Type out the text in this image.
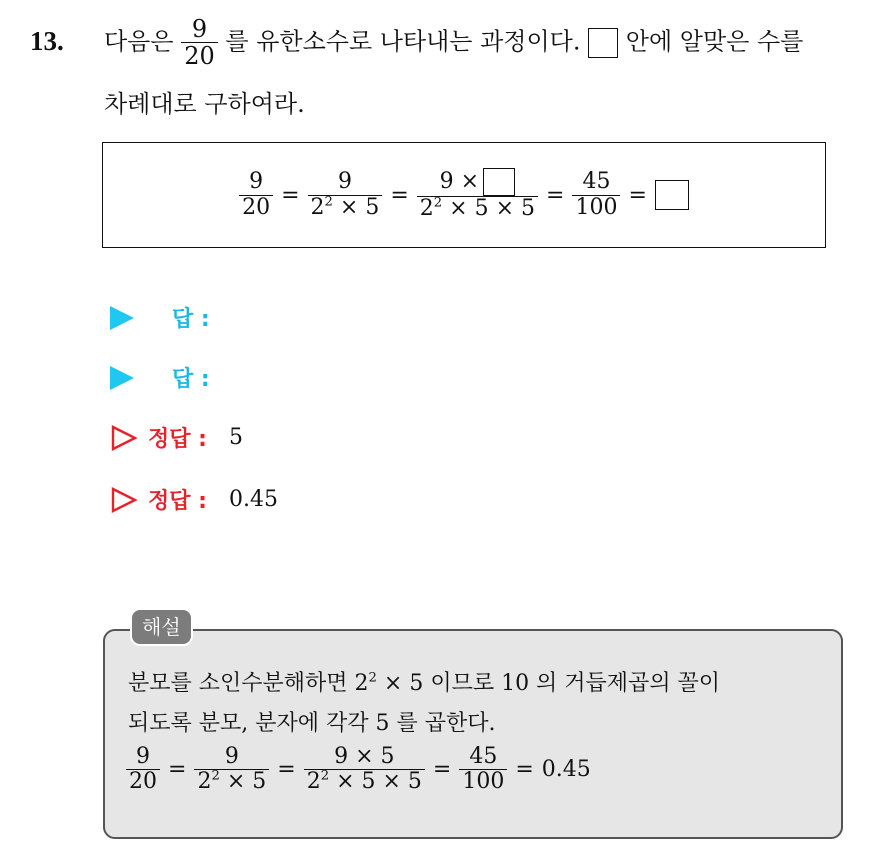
13. 다음은 $\frac{9}{20}$ 를 유한소수로 나타내는 과정이다. 안에 알맞은 수를
차례대로 구하여라.
$\frac{9}{20} = \frac{9}{2^2 \times 5} = \frac{9 \times}{2^2 \times 5 \times 5} = \frac{45}{100}$ =
답 :
답 :
정답 : 5
정답 : 0.45
해설
분모를 소인수분해하면 $2^2 \times 5$ 이므로 10 의 거듭제곱의 꼴이
되도록 분모, 분자에 각각 5 를 곱한다.
$\frac{9}{20} = \frac{9}{2^2 \times 5} = \frac{9 \times 5}{2^2 \times 5 \times 5} = \frac{45}{100} = 0.45$
